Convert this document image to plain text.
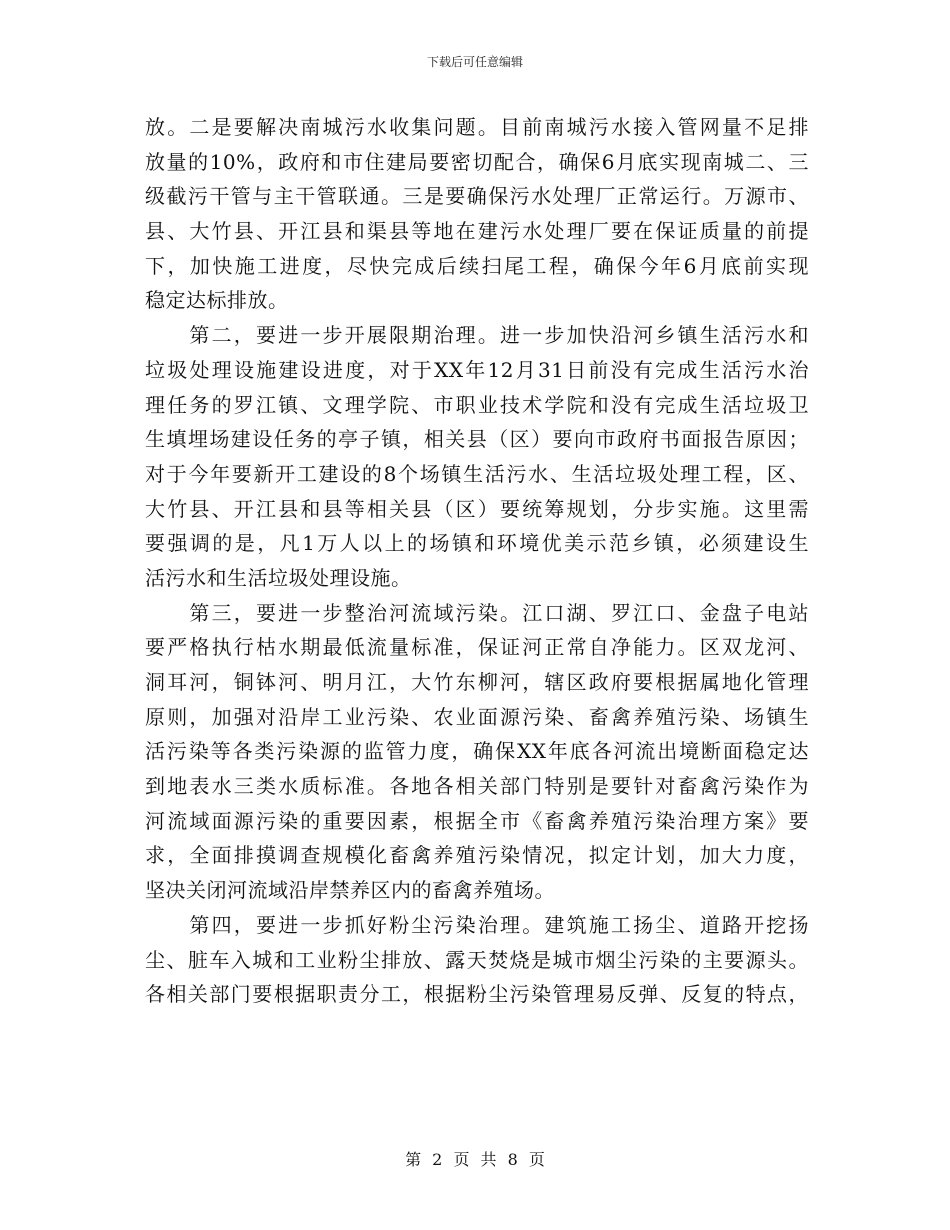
下载后可任意编辑
放。二是要解决南城污水收集问题。目前南城污水接入管网量不足排
放量的10%，政府和市住建局要密切配合，确保6月底实现南城二、三
级截污干管与主干管联通。三是要确保污水处理厂正常运行。万源市、
县、大竹县、开江县和渠县等地在建污水处理厂要在保证质量的前提
下，加快施工进度，尽快完成后续扫尾工程，确保今年6月底前实现
稳定达标排放。
　　第二，要进一步开展限期治理。进一步加快沿河乡镇生活污水和
垃圾处理设施建设进度，对于XX年12月31日前没有完成生活污水治
理任务的罗江镇、文理学院、市职业技术学院和没有完成生活垃圾卫
生填埋场建设任务的亭子镇，相关县（区）要向市政府书面报告原因；
对于今年要新开工建设的8个场镇生活污水、生活垃圾处理工程，区、
大竹县、开江县和县等相关县（区）要统筹规划，分步实施。这里需
要强调的是，凡1万人以上的场镇和环境优美示范乡镇，必须建设生
活污水和生活垃圾处理设施。
　　第三，要进一步整治河流域污染。江口湖、罗江口、金盘子电站
要严格执行枯水期最低流量标准，保证河正常自净能力。区双龙河、
洞耳河，铜钵河、明月江，大竹东柳河，辖区政府要根据属地化管理
原则，加强对沿岸工业污染、农业面源污染、畜禽养殖污染、场镇生
活污染等各类污染源的监管力度，确保XX年底各河流出境断面稳定达
到地表水三类水质标准。各地各相关部门特别是要针对畜禽污染作为
河流域面源污染的重要因素，根据全市《畜禽养殖污染治理方案》要
求，全面排摸调查规模化畜禽养殖污染情况，拟定计划，加大力度，
坚决关闭河流域沿岸禁养区内的畜禽养殖场。
　　第四，要进一步抓好粉尘污染治理。建筑施工扬尘、道路开挖扬
尘、脏车入城和工业粉尘排放、露天焚烧是城市烟尘污染的主要源头。
各相关部门要根据职责分工，根据粉尘污染管理易反弹、反复的特点，
第 2 页 共 8 页
